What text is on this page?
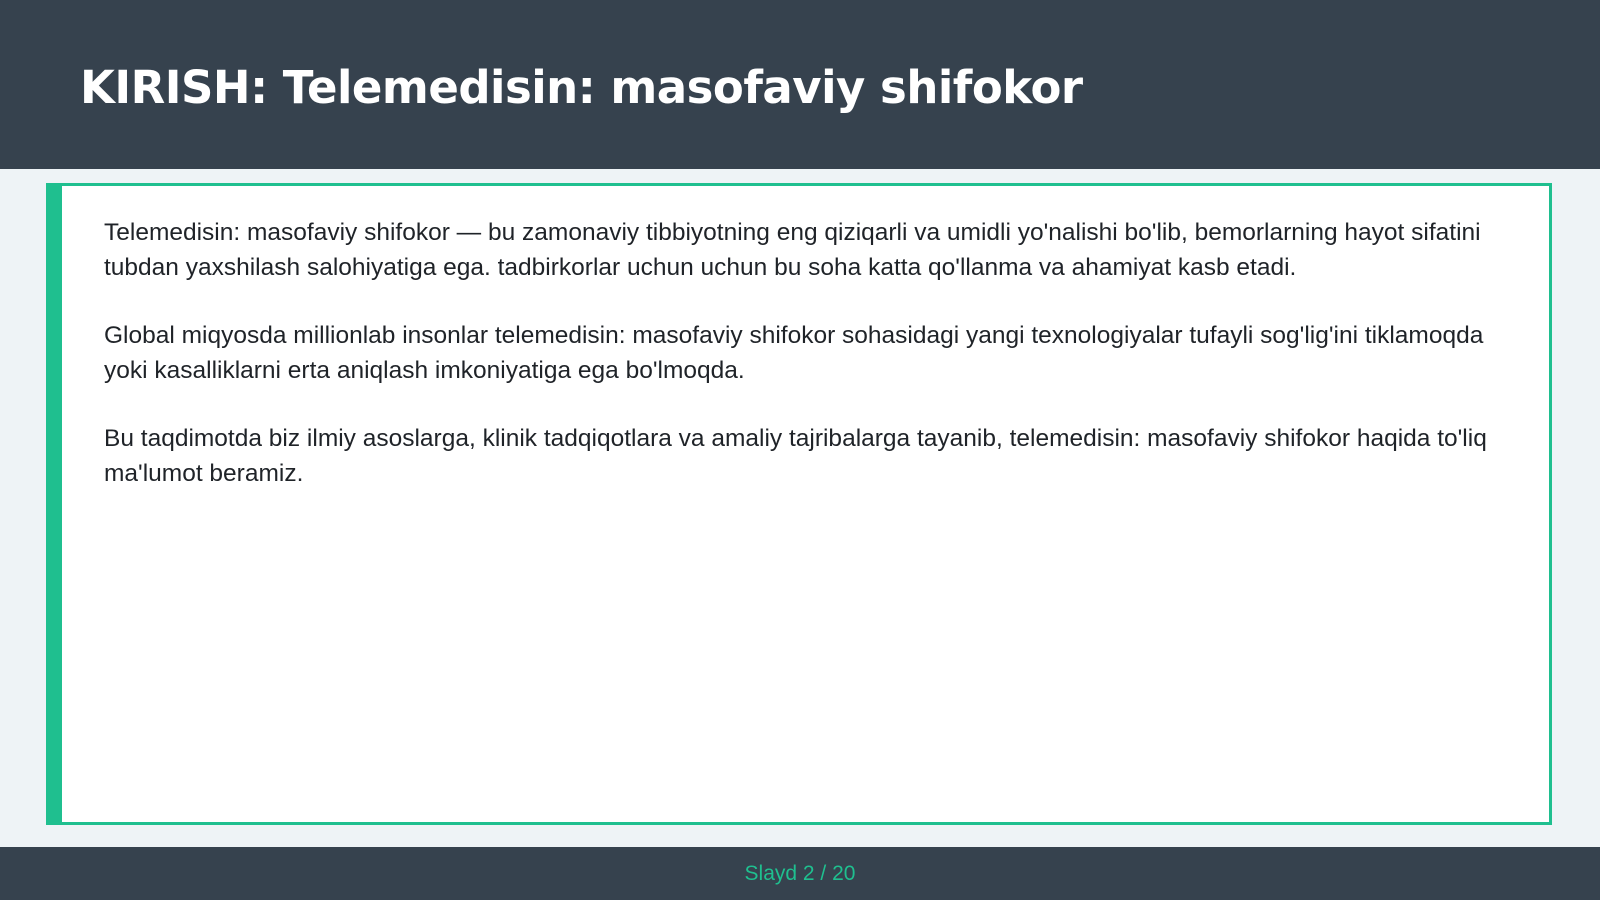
KIRISH: Telemedisin: masofaviy shifokor

Telemedisin: masofaviy shifokor — bu zamonaviy tibbiyotning eng qiziqarli va umidli yo'nalishi bo'lib, bemorlarning hayot sifatini tubdan yaxshilash salohiyatiga ega. tadbirkorlar uchun uchun bu soha katta qo'llanma va ahamiyat kasb etadi.

Global miqyosda millionlab insonlar telemedisin: masofaviy shifokor sohasidagi yangi texnologiyalar tufayli sog'lig'ini tiklamoqda yoki kasalliklarni erta aniqlash imkoniyatiga ega bo'lmoqda.

Bu taqdimotda biz ilmiy asoslarga, klinik tadqiqotlara va amaliy tajribalarga tayanib, telemedisin: masofaviy shifokor haqida to'liq ma'lumot beramiz.

Slayd 2 / 20
